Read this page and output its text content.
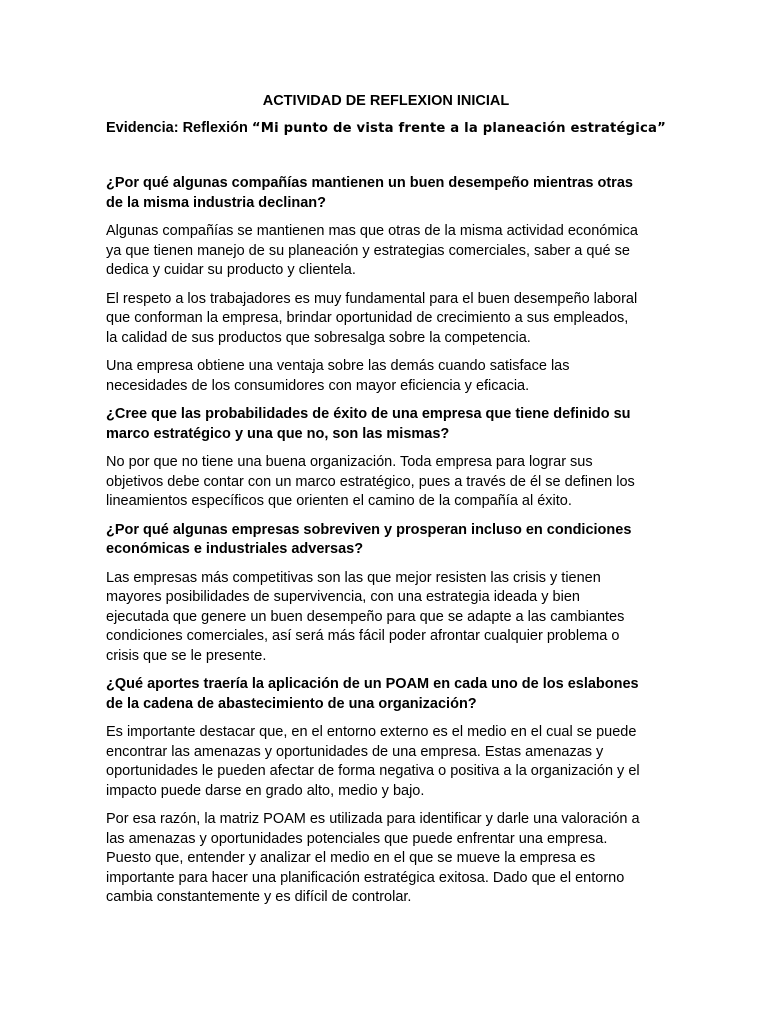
ACTIVIDAD DE REFLEXION INICIAL
Evidencia: Reflexión “Mi punto de vista frente a la planeación estratégica”
¿Por qué algunas compañías mantienen un buen desempeño mientras otras
de la misma industria declinan?
Algunas compañías se mantienen mas que otras de la misma actividad económica
ya que tienen manejo de su planeación y estrategias comerciales, saber a qué se
dedica y cuidar su producto y clientela.
El respeto a los trabajadores es muy fundamental para el buen desempeño laboral
que conforman la empresa, brindar oportunidad de crecimiento a sus empleados,
la calidad de sus productos que sobresalga sobre la competencia.
Una empresa obtiene una ventaja sobre las demás cuando satisface las
necesidades de los consumidores con mayor eficiencia y eficacia.
¿Cree que las probabilidades de éxito de una empresa que tiene definido su
marco estratégico y una que no, son las mismas?
No por que no tiene una buena organización. Toda empresa para lograr sus
objetivos debe contar con un marco estratégico, pues a través de él se definen los
lineamientos específicos que orienten el camino de la compañía al éxito.
¿Por qué algunas empresas sobreviven y prosperan incluso en condiciones
económicas e industriales adversas?
Las empresas más competitivas son las que mejor resisten las crisis y tienen
mayores posibilidades de supervivencia, con una estrategia ideada y bien
ejecutada que genere un buen desempeño para que se adapte a las cambiantes
condiciones comerciales, así será más fácil poder afrontar cualquier problema o
crisis que se le presente.
¿Qué aportes traería la aplicación de un POAM en cada uno de los eslabones
de la cadena de abastecimiento de una organización?
Es importante destacar que, en el entorno externo es el medio en el cual se puede
encontrar las amenazas y oportunidades de una empresa. Estas amenazas y
oportunidades le pueden afectar de forma negativa o positiva a la organización y el
impacto puede darse en grado alto, medio y bajo.
Por esa razón, la matriz POAM es utilizada para identificar y darle una valoración a
las amenazas y oportunidades potenciales que puede enfrentar una empresa.
Puesto que, entender y analizar el medio en el que se mueve la empresa es
importante para hacer una planificación estratégica exitosa. Dado que el entorno
cambia constantemente y es difícil de controlar.
